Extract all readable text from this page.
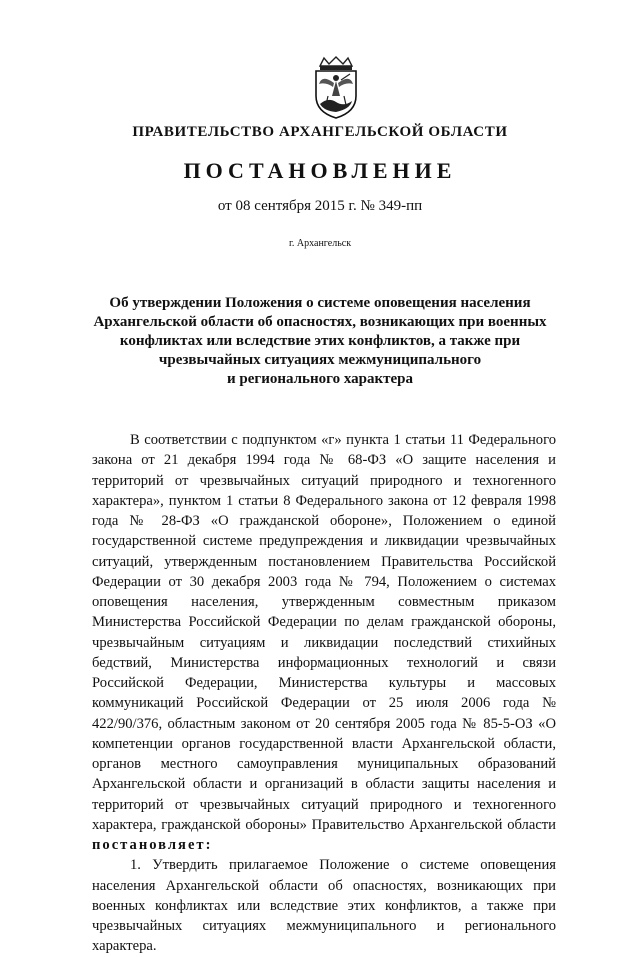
ПРАВИТЕЛЬСТВО АРХАНГЕЛЬСКОЙ ОБЛАСТИ
ПОСТАНОВЛЕНИЕ
от 08 сентября 2015 г. № 349-пп
г. Архангельск
Об утверждении Положения о системе оповещения населения
Архангельской области об опасностях, возникающих при военных
конфликтах или вследствие этих конфликтов, а также при
чрезвычайных ситуациях межмуниципального
и регионального характера

В соответствии с подпунктом «г» пункта 1 статьи 11 Федерального закона от 21 декабря 1994 года № 68-ФЗ «О защите населения и территорий от чрезвычайных ситуаций природного и техногенного характера», пунктом 1 статьи 8 Федерального закона от 12 февраля 1998 года № 28-ФЗ «О гражданской обороне», Положением о единой государственной системе предупреждения и ликвидации чрезвычайных ситуаций, утвержденным постановлением Правительства Российской Федерации от 30 декабря 2003 года № 794, Положением о системах оповещения населения, утвержденным совместным приказом Министерства Российской Федерации по делам гражданской обороны, чрезвычайным ситуациям и ликвидации последствий стихийных бедствий, Министерства информационных технологий и связи Российской Федерации, Министерства культуры и массовых коммуникаций Российской Федерации от 25 июля 2006 года № 422/90/376, областным законом от 20 сентября 2005 года № 85-5-ОЗ «О компетенции органов государственной власти Архангельской области, органов местного самоуправления муниципальных образований Архангельской области и организаций в области защиты населения и территорий от чрезвычайных ситуаций природного и техногенного характера, гражданской обороны» Правительство Архангельской области постановляет:

1. Утвердить прилагаемое Положение о системе оповещения населения Архангельской области об опасностях, возникающих при военных конфликтах или вследствие этих конфликтов, а также при чрезвычайных ситуациях межмуниципального и регионального характера.
